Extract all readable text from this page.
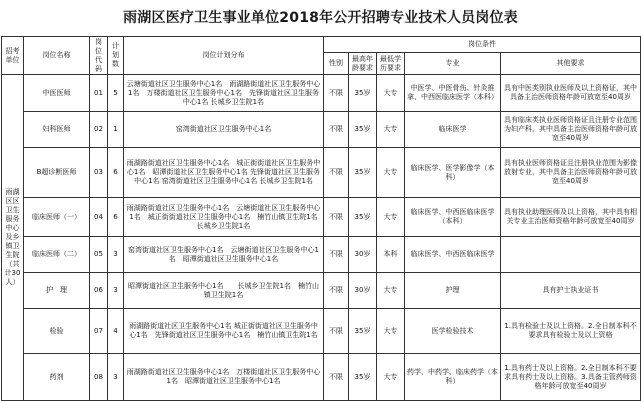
雨湖区医疗卫生事业单位2018年公开招聘专业技术人员岗位表
招考单位	岗位名称	岗位代码	计划数	岗位计划分布	岗位条件				
					性别	最高年龄要求	最低学历要求	专业	其他要求
雨湖区区卫生服务中心及乡镇卫生院（共计30人）	中医医师	01	5	云塘街道社区卫生服务中心1名　雨湖路街道社区卫生服务中心1名　万楼街道社区卫生服务中心1名　先锋街道社区卫生服务中心1名 长城乡卫生院1名	不限	35岁	大专	中医学、中医骨伤、针灸推拿、中西医临床医学（本科）	具有中医类别执业医师及以上资格证，其中具备主治医师资格年龄可放宽至40周岁
	妇科医师	02	1	窑湾街道社区卫生服务中心1名	不限	35岁	大专	临床医学	具有临床类执业医师资格证且注册专业范围为妇产科，其中具备主治医师资格年龄可放宽至40周岁
	B超诊断医师	03	6	雨湖路街道社区卫生服务中心1名　城正街街道社区卫生服务中心1名　昭潭街道社区卫生服务中心1名 先锋街道社区卫生服务中心1名 窑湾街道社区卫生服务中心1名 长城乡卫生院1名	不限	35岁	大专	临床医学、医学影像学（本科）	具有执业医师资格证且注册执业范围为影像放射专业，其中具备主治医师资格年龄可放宽至40周岁
	临床医师（一）	04	6	雨湖路街道社区卫生服务中心1名　云塘街道社区卫生服务中心1名　城正街街道社区卫生服务中心1名　楠竹山镇卫生院1名　长城乡卫生院1名	不限	35岁	大专	临床医学、中西医临床医学（本科）	具有执业助理医师及以上资格，其中具有相关专业主治医师资格年龄可放宽至40周岁
	临床医师（二）	05	3	窑湾街道社区卫生服务中心1名　云塘街道社区卫生服务中心1名　昭潭街道社区卫生服务中心1名	不限	30岁	本科	临床医学、中西医临床医学	
	护　理	06	3	昭潭街道社区卫生服务中心1名　　长城乡卫生院1名　楠竹山镇卫生院1名	不限	30岁	大专	护理	具有护士执业证书
	检验	07	4	雨湖路街道社区卫生服务中心1名 城正街街道社区卫生服务中心1名　先锋街道社区卫生服务中心1名　楠竹山镇卫生院1名	不限	35岁	大专	医学检验技术	1.具有检验士及以上资格。2.全日制本科不要求具有检验士及以上资格
	药剂	08	3	雨湖路街道社区卫生服务中心1名　万楼街道社区卫生服务中心1名　昭潭街道社区卫生服务中心1名	不限	35岁	大专	药学、中药学、临床药学（本科）	1.具有药士及以上资格。2.全日制本科不要求具有药士及以上资格。3.具备主管药师资格年龄可放宽至40周岁
